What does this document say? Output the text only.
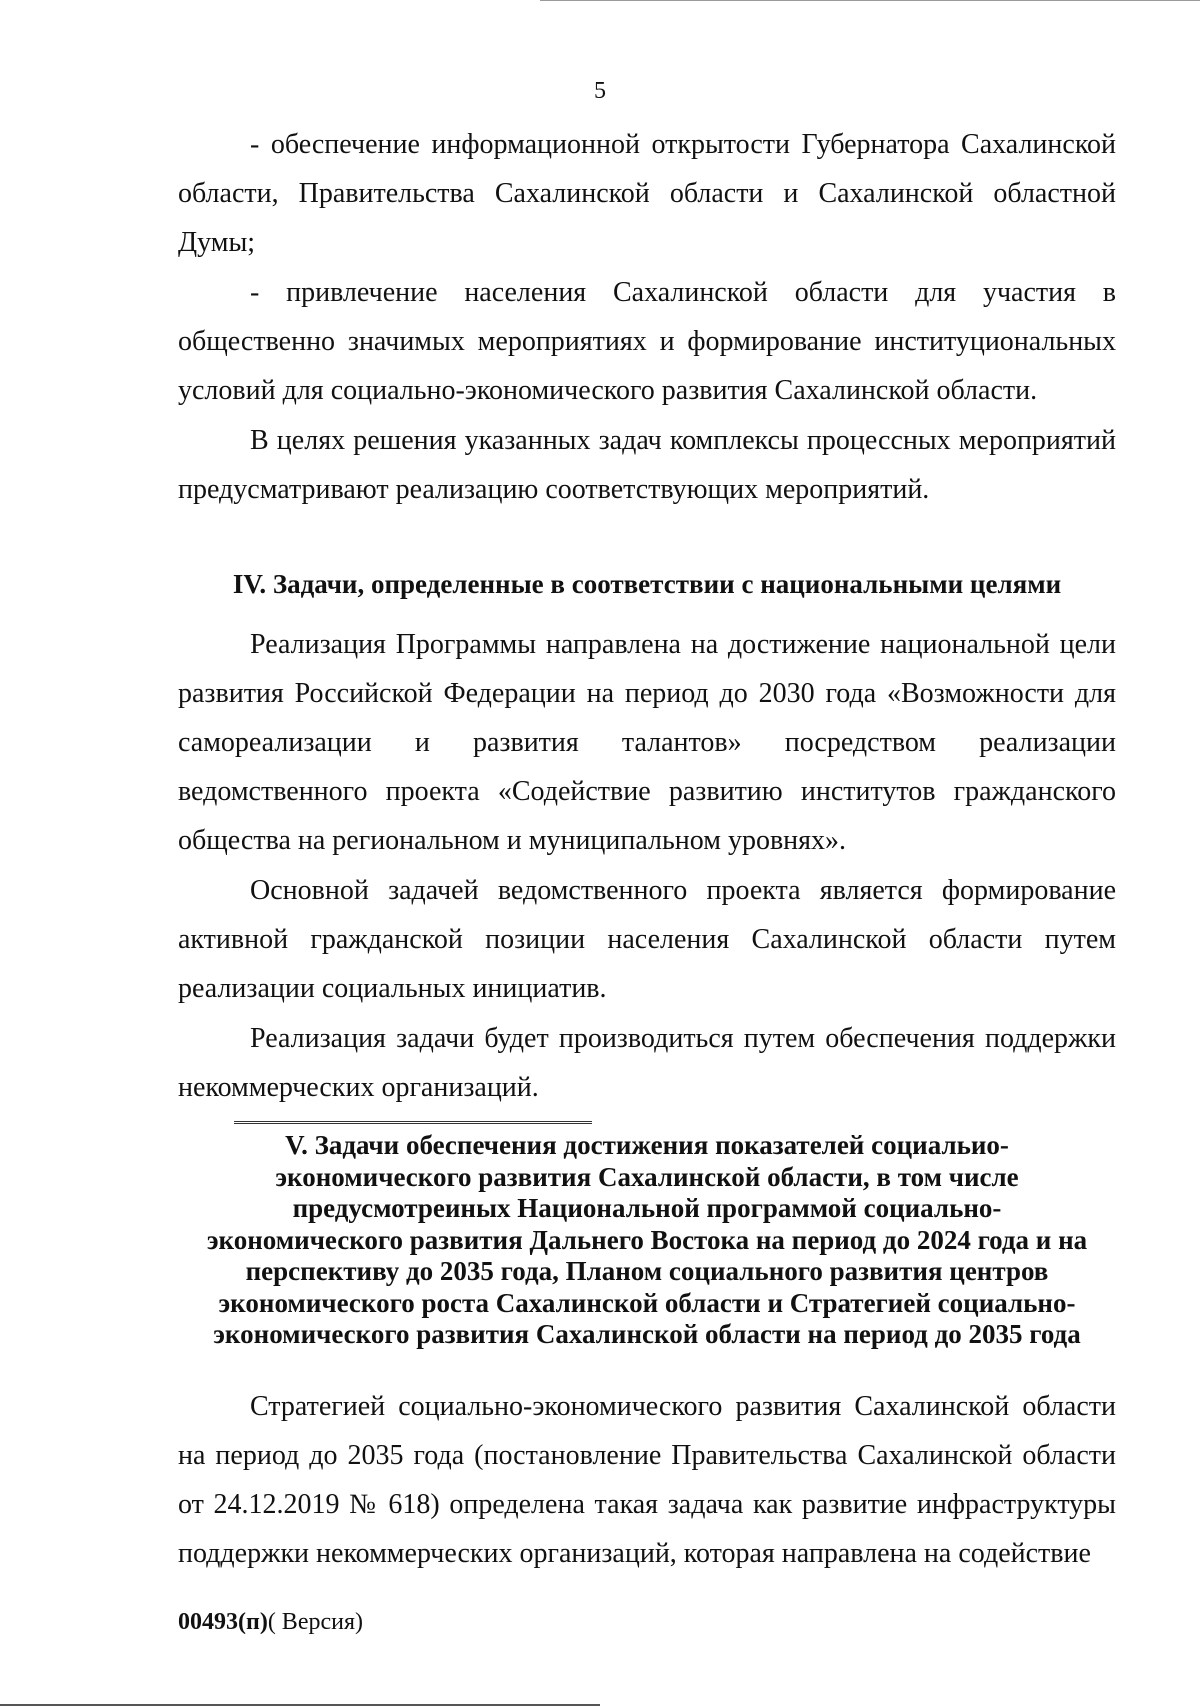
5

- обеспечение информационной открытости Губернатора Сахалинской области, Правительства Сахалинской области и Сахалинской областной Думы;

- привлечение населения Сахалинской области для участия в общественно значимых мероприятиях и формирование институциональных условий для социально-экономического развития Сахалинской области.

В целях решения указанных задач комплексы процессных мероприятий предусматривают реализацию соответствующих мероприятий.

IV. Задачи, определенные в соответствии с национальными целями

Реализация Программы направлена на достижение национальной цели развития Российской Федерации на период до 2030 года «Возможности для самореализации и развития талантов» посредством реализации ведомственного проекта «Содействие развитию институтов гражданского общества на региональном и муниципальном уровнях».

Основной задачей ведомственного проекта является формирование активной гражданской позиции населения Сахалинской области путем реализации социальных инициатив.

Реализация задачи будет производиться путем обеспечения поддержки некоммерческих организаций.

V. Задачи обеспечения достижения показателей социальио-
экономического развития Сахалинской области, в том числе
предусмотреиных Национальной программой социально-
экономического развития Дальнего Востока на период до 2024 года и на
перспективу до 2035 года, Планом социального развития центров
экономического роста Сахалинской области и Стратегией социально-
экономического развития Сахалинской области на период до 2035 года

Стратегией социально-экономического развития Сахалинской области на период до 2035 года (постановление Правительства Сахалинской области от 24.12.2019 № 618) определена такая задача как развитие инфраструктуры поддержки некоммерческих организаций, которая направлена на содействие

00493(п)( Версия)
